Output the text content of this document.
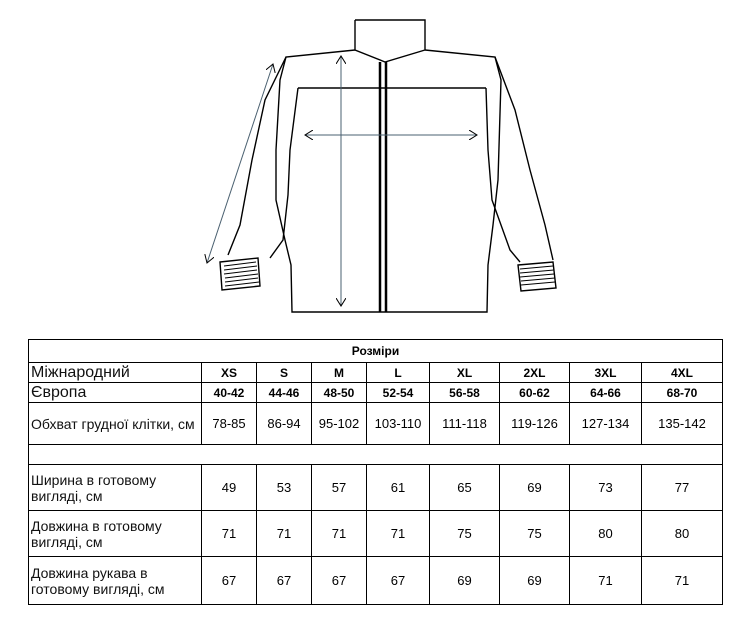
Розміри								
Міжнародний	XS	S	M	L	XL	2XL	3XL	4XL
Європа	40-42	44-46	48-50	52-54	56-58	60-62	64-66	68-70
Обхват грудної клітки, см	78-85	86-94	95-102	103-110	111-118	119-126	127-134	135-142

Ширина в готовому вигляді, см	49	53	57	61	65	69	73	77
Довжина в готовому вигляді, см	71	71	71	71	75	75	80	80
Довжина рукава в готовому вигляді, см	67	67	67	67	69	69	71	71
